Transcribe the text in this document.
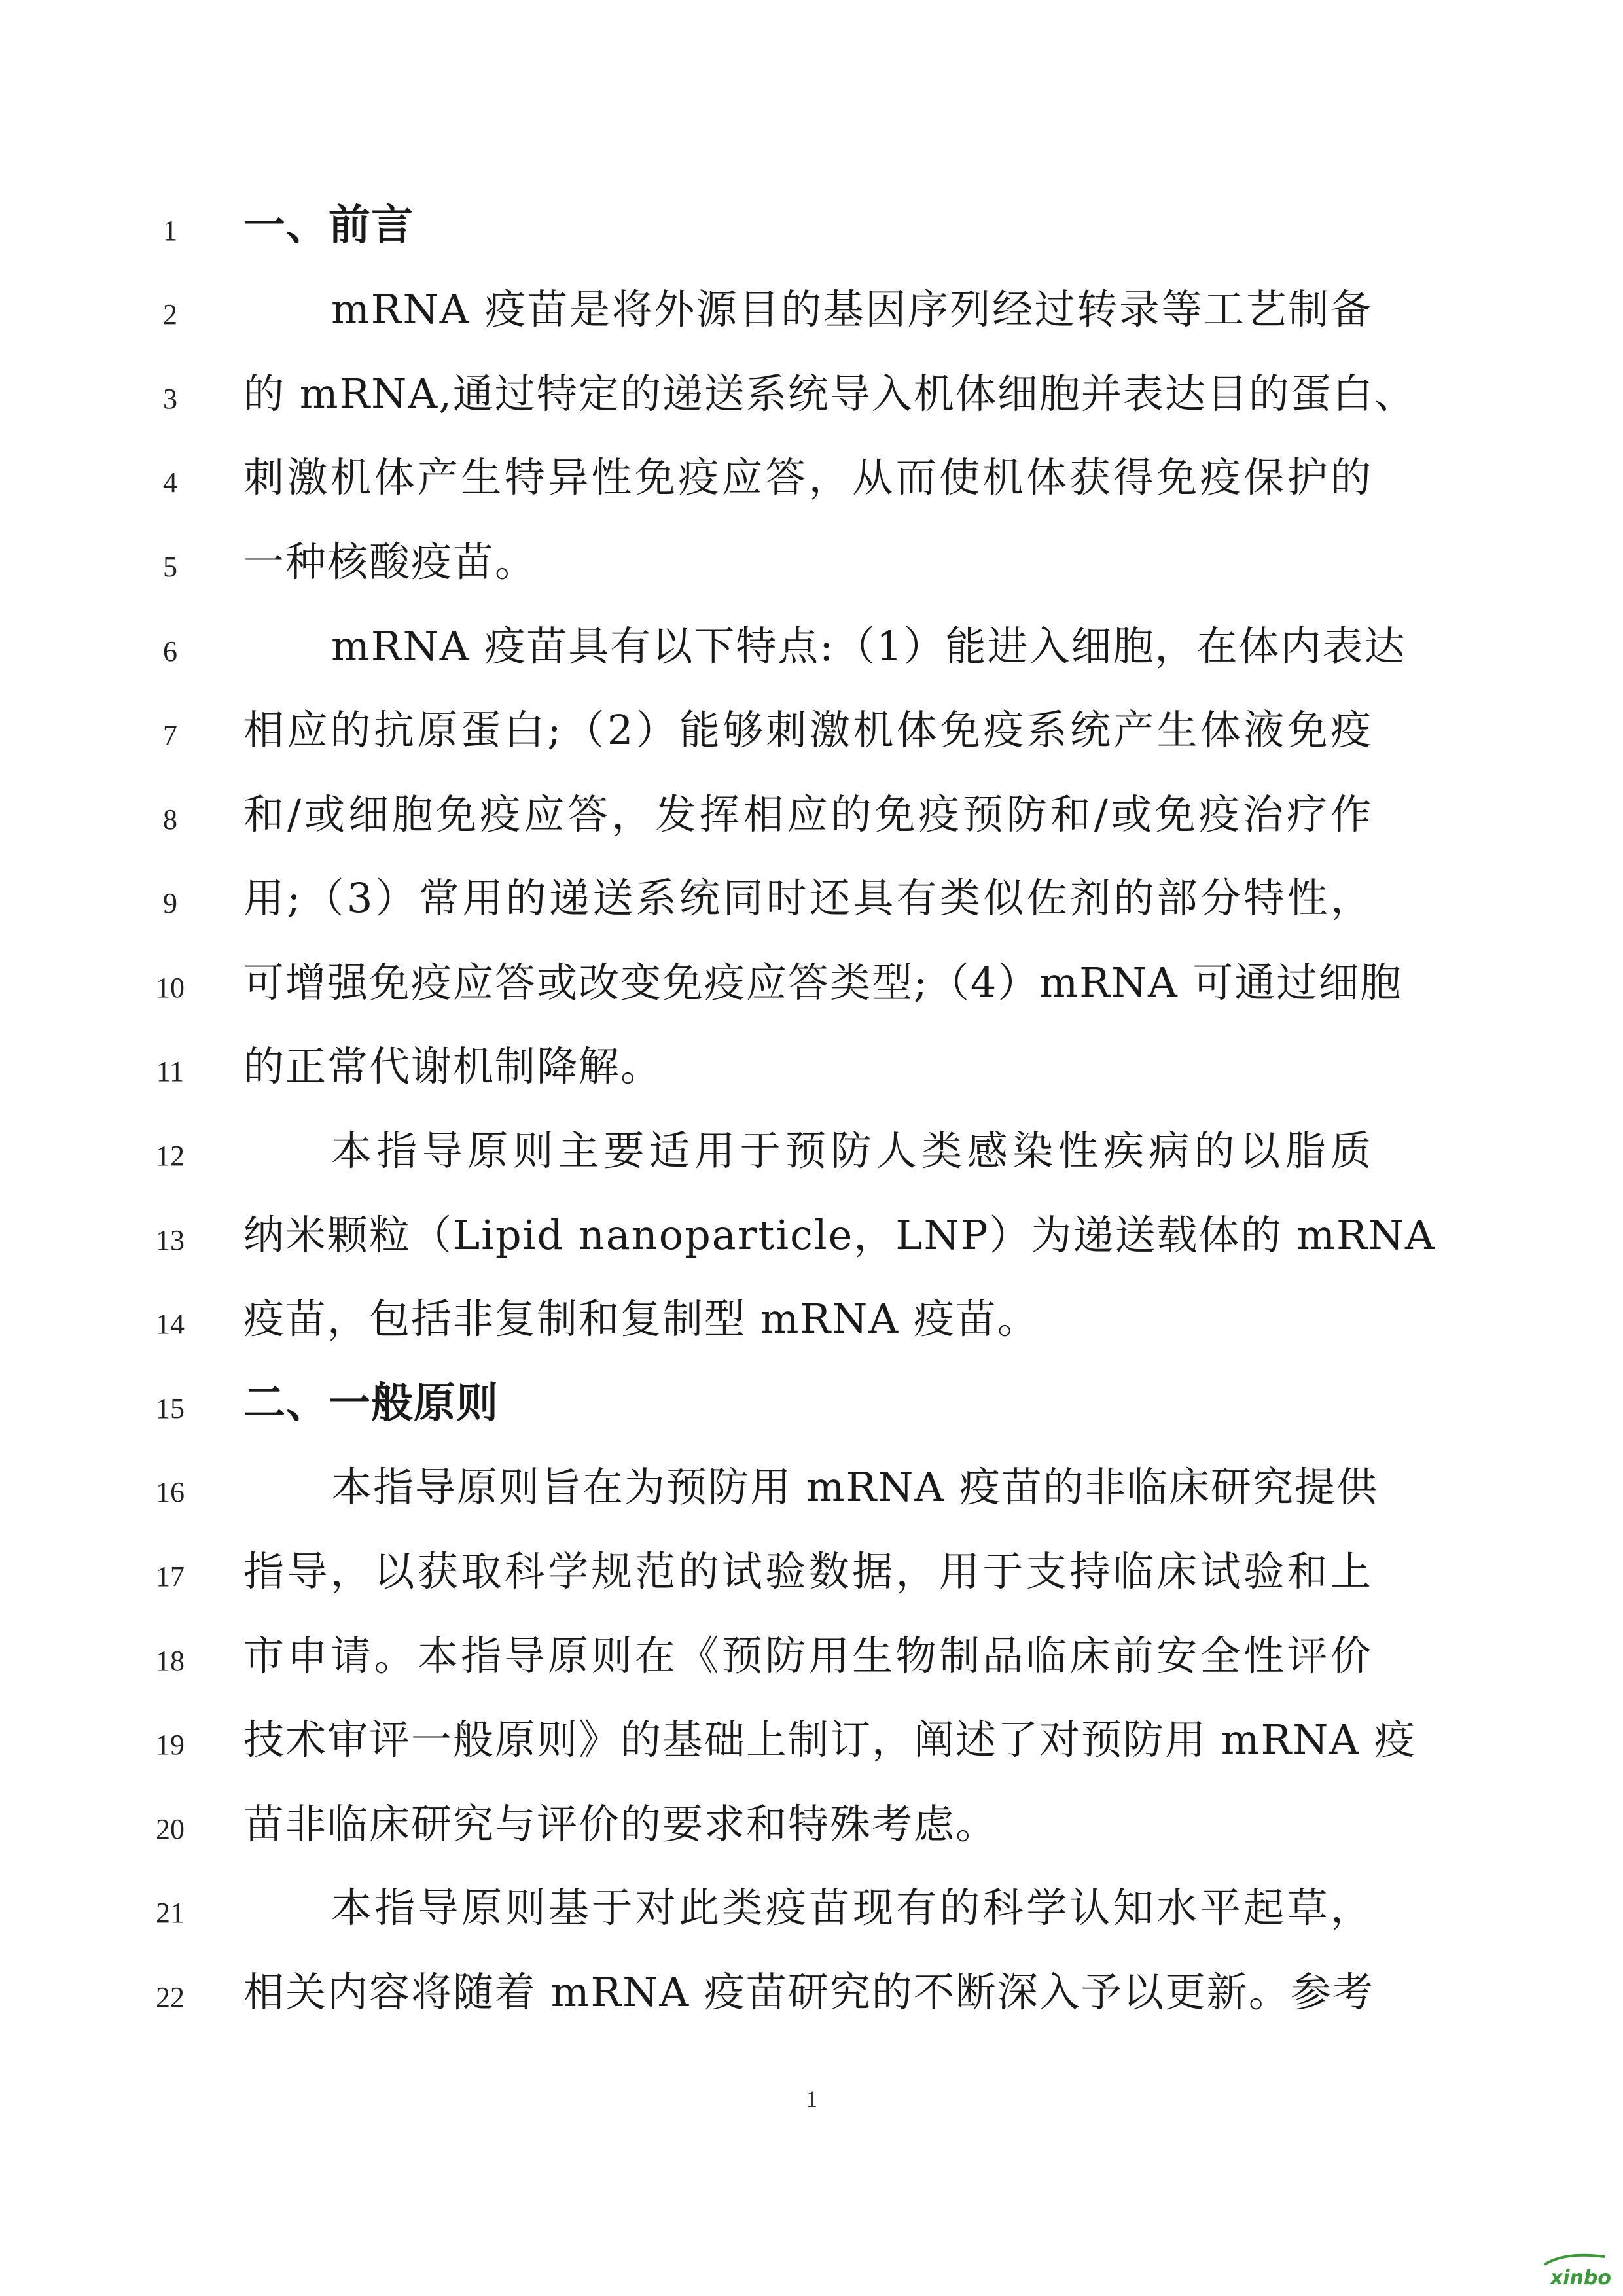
1	一、前言
2	mRNA 疫苗是将外源目的基因序列经过转录等工艺制备
3	的 mRNA,通过特定的递送系统导入机体细胞并表达目的蛋白、
4	刺激机体产生特异性免疫应答，从而使机体获得免疫保护的
5	一种核酸疫苗。
6	mRNA 疫苗具有以下特点:（1）能进入细胞，在体内表达
7	相应的抗原蛋白;（2）能够刺激机体免疫系统产生体液免疫
8	和/或细胞免疫应答，发挥相应的免疫预防和/或免疫治疗作
9	用;（3）常用的递送系统同时还具有类似佐剂的部分特性，
10	可增强免疫应答或改变免疫应答类型;（4）mRNA 可通过细胞
11	的正常代谢机制降解。
12	本指导原则主要适用于预防人类感染性疾病的以脂质
13	纳米颗粒（Lipid nanoparticle，LNP）为递送载体的 mRNA
14	疫苗，包括非复制和复制型 mRNA 疫苗。
15	二、一般原则
16	本指导原则旨在为预防用 mRNA 疫苗的非临床研究提供
17	指导，以获取科学规范的试验数据，用于支持临床试验和上
18	市申请。本指导原则在《预防用生物制品临床前安全性评价
19	技术审评一般原则》的基础上制订，阐述了对预防用 mRNA 疫
20	苗非临床研究与评价的要求和特殊考虑。
21	本指导原则基于对此类疫苗现有的科学认知水平起草，
22	相关内容将随着 mRNA 疫苗研究的不断深入予以更新。参考
1
xinbo
